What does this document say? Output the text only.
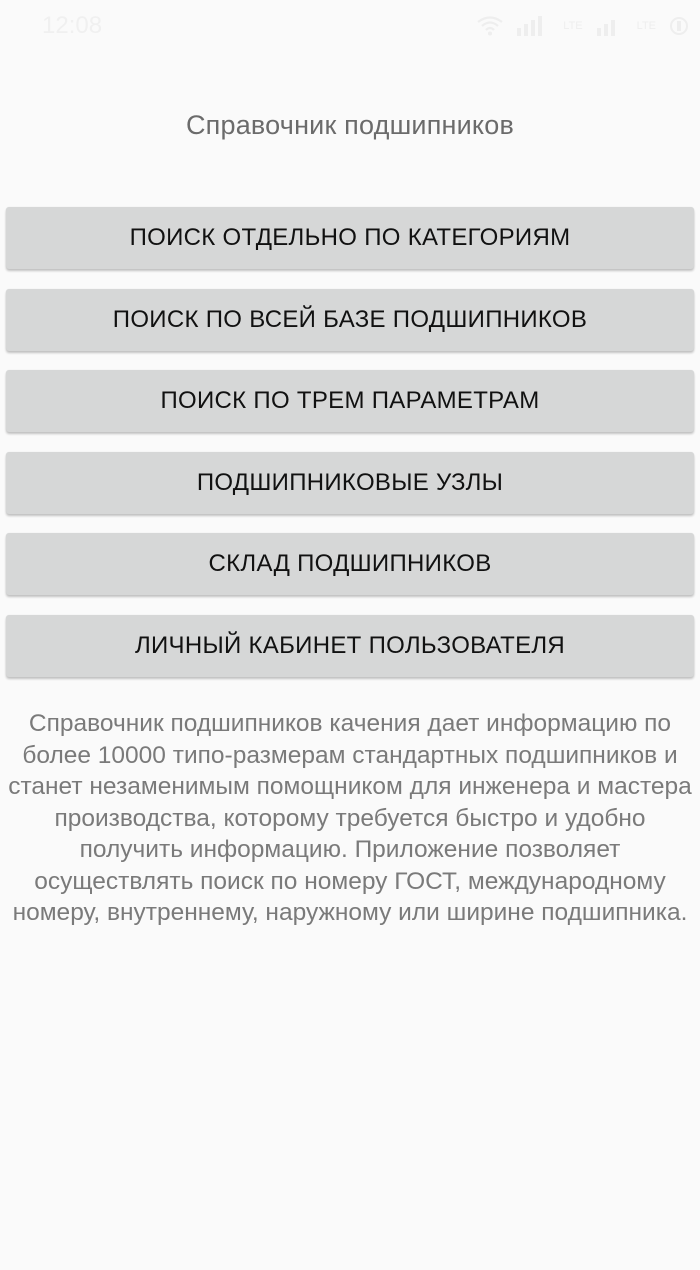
12:08	LTE	LTE
Справочник подшипников
ПОИСК ОТДЕЛЬНО ПО КАТЕГОРИЯМ
ПОИСК ПО ВСЕЙ БАЗЕ ПОДШИПНИКОВ
ПОИСК ПО ТРЕМ ПАРАМЕТРАМ
ПОДШИПНИКОВЫЕ УЗЛЫ
СКЛАД ПОДШИПНИКОВ
ЛИЧНЫЙ КАБИНЕТ ПОЛЬЗОВАТЕЛЯ

Справочник подшипников качения дает информацию по более 10000 типо-размерам стандартных подшипников и станет незаменимым помощником для инженера и мастера производства, которому требуется быстро и удобно получить информацию. Приложение позволяет осуществлять поиск по номеру ГОСТ, международному номеру, внутреннему, наружному или ширине подшипника.
